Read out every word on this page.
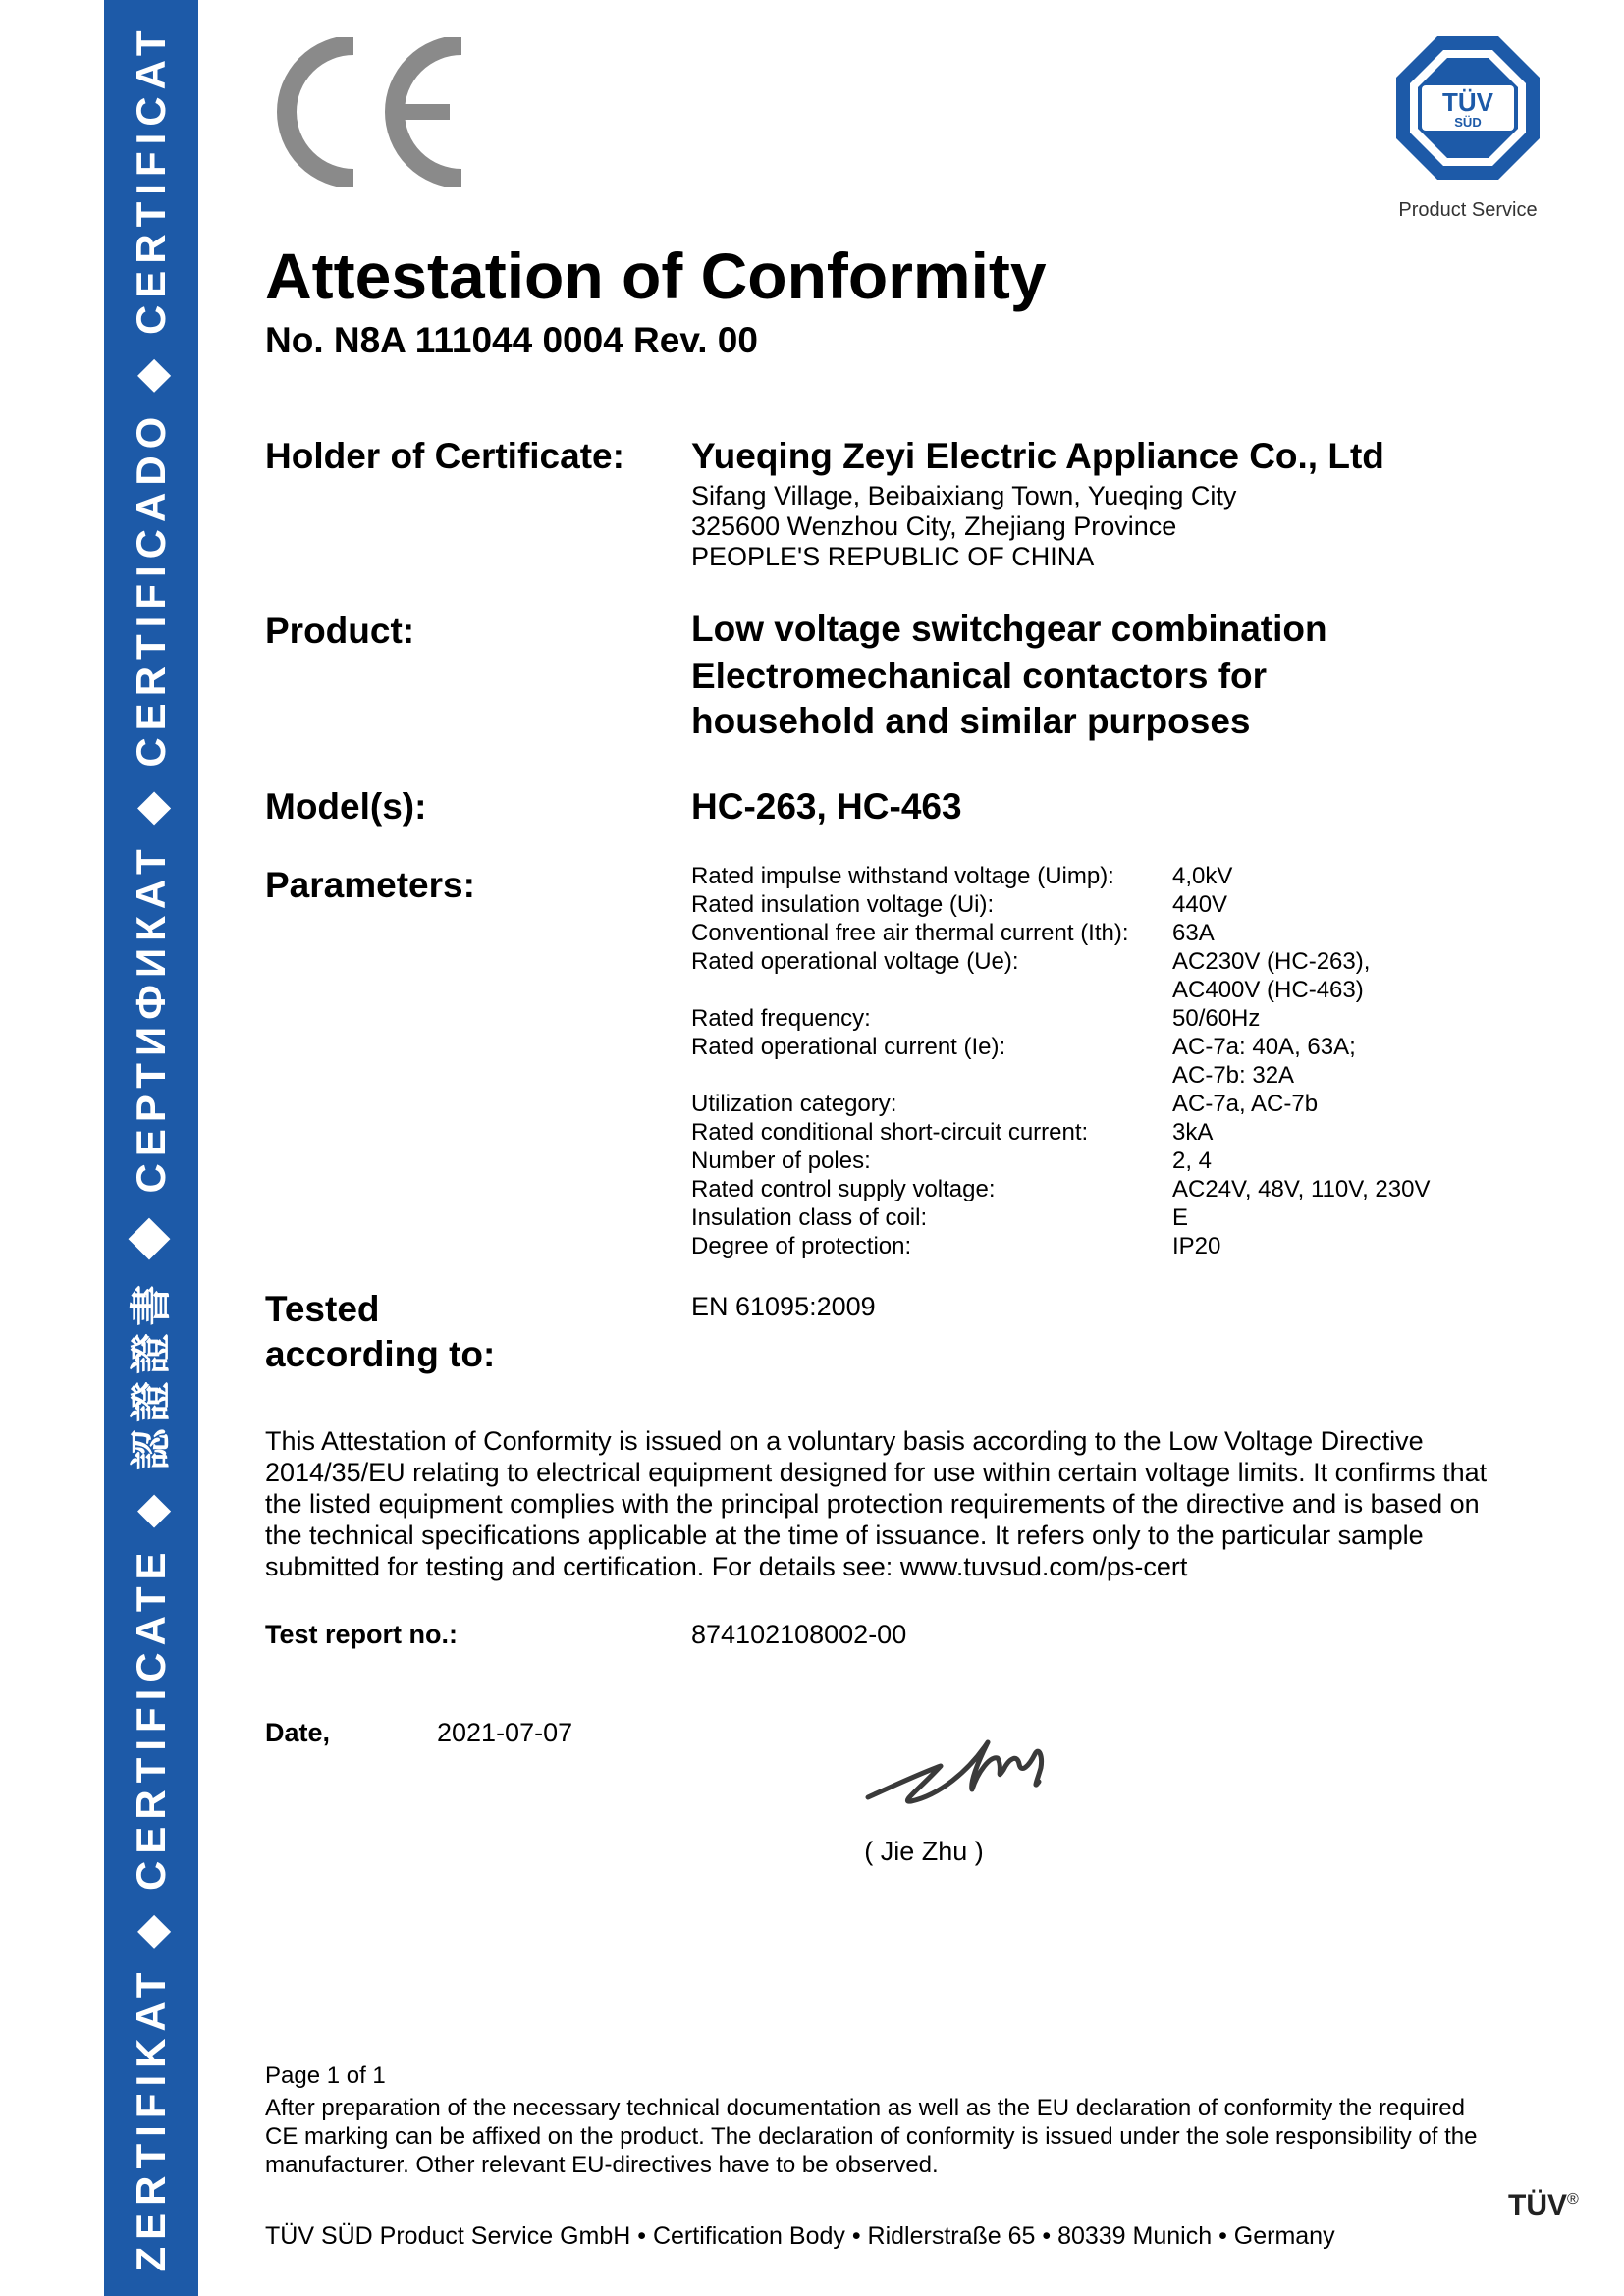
ZERTIFIKAT ◆ CERTIFICATE ◆ 認證證書 ◆ СЕРТИФИКАТ ◆ CERTIFICADO ◆ CERTIFICAT	TÜV
SÜD
Product Service
Attestation of Conformity
No. N8A 111044 0004 Rev. 00
Holder of Certificate: Yueqing Zeyi Electric Appliance Co., Ltd
Sifang Village, Beibaixiang Town, Yueqing City
325600 Wenzhou City, Zhejiang Province
PEOPLE'S REPUBLIC OF CHINA
Product:	Low voltage switchgear combination
Electromechanical contactors for
household and similar purposes
Model(s):	HC-263, HC-463
Parameters:	Rated impulse withstand voltage (Uimp): 4,0kV
Rated insulation voltage (Ui):	440V
Conventional free air thermal current (Ith): 63A
Rated operational voltage (Ue):	AC230V (HC-263),
AC400V (HC-463)
Rated frequency:	50/60Hz
Rated operational current (Ie):	AC-7a: 40A, 63A;
AC-7b: 32A
Utilization category:	AC-7a, AC-7b
Rated conditional short-circuit current:	3kA
Number of poles:	2, 4
Rated control supply voltage:	AC24V, 48V, 110V, 230V
Insulation class of coil:	E
Degree of protection:	IP20
Tested
according to:
EN 61095:2009
This Attestation of Conformity is issued on a voluntary basis according to the Low Voltage Directive 2014/35/EU relating to electrical equipment designed for use within certain voltage limits. It confirms that the listed equipment complies with the principal protection requirements of the directive and is based on the technical specifications applicable at the time of issuance. It refers only to the particular sample submitted for testing and certification. For details see: www.tuvsud.com/ps-cert
Test report no.:	874102108002-00
Date,	2021-07-07
( Jie Zhu )
Page 1 of 1
After preparation of the necessary technical documentation as well as the EU declaration of conformity the required CE marking can be affixed on the product. The declaration of conformity is issued under the sole responsibility of the manufacturer. Other relevant EU-directives have to be observed.
TÜV SÜD Product Service GmbH • Certification Body • Ridlerstraße 65 • 80339 Munich • Germany
TÜV®
